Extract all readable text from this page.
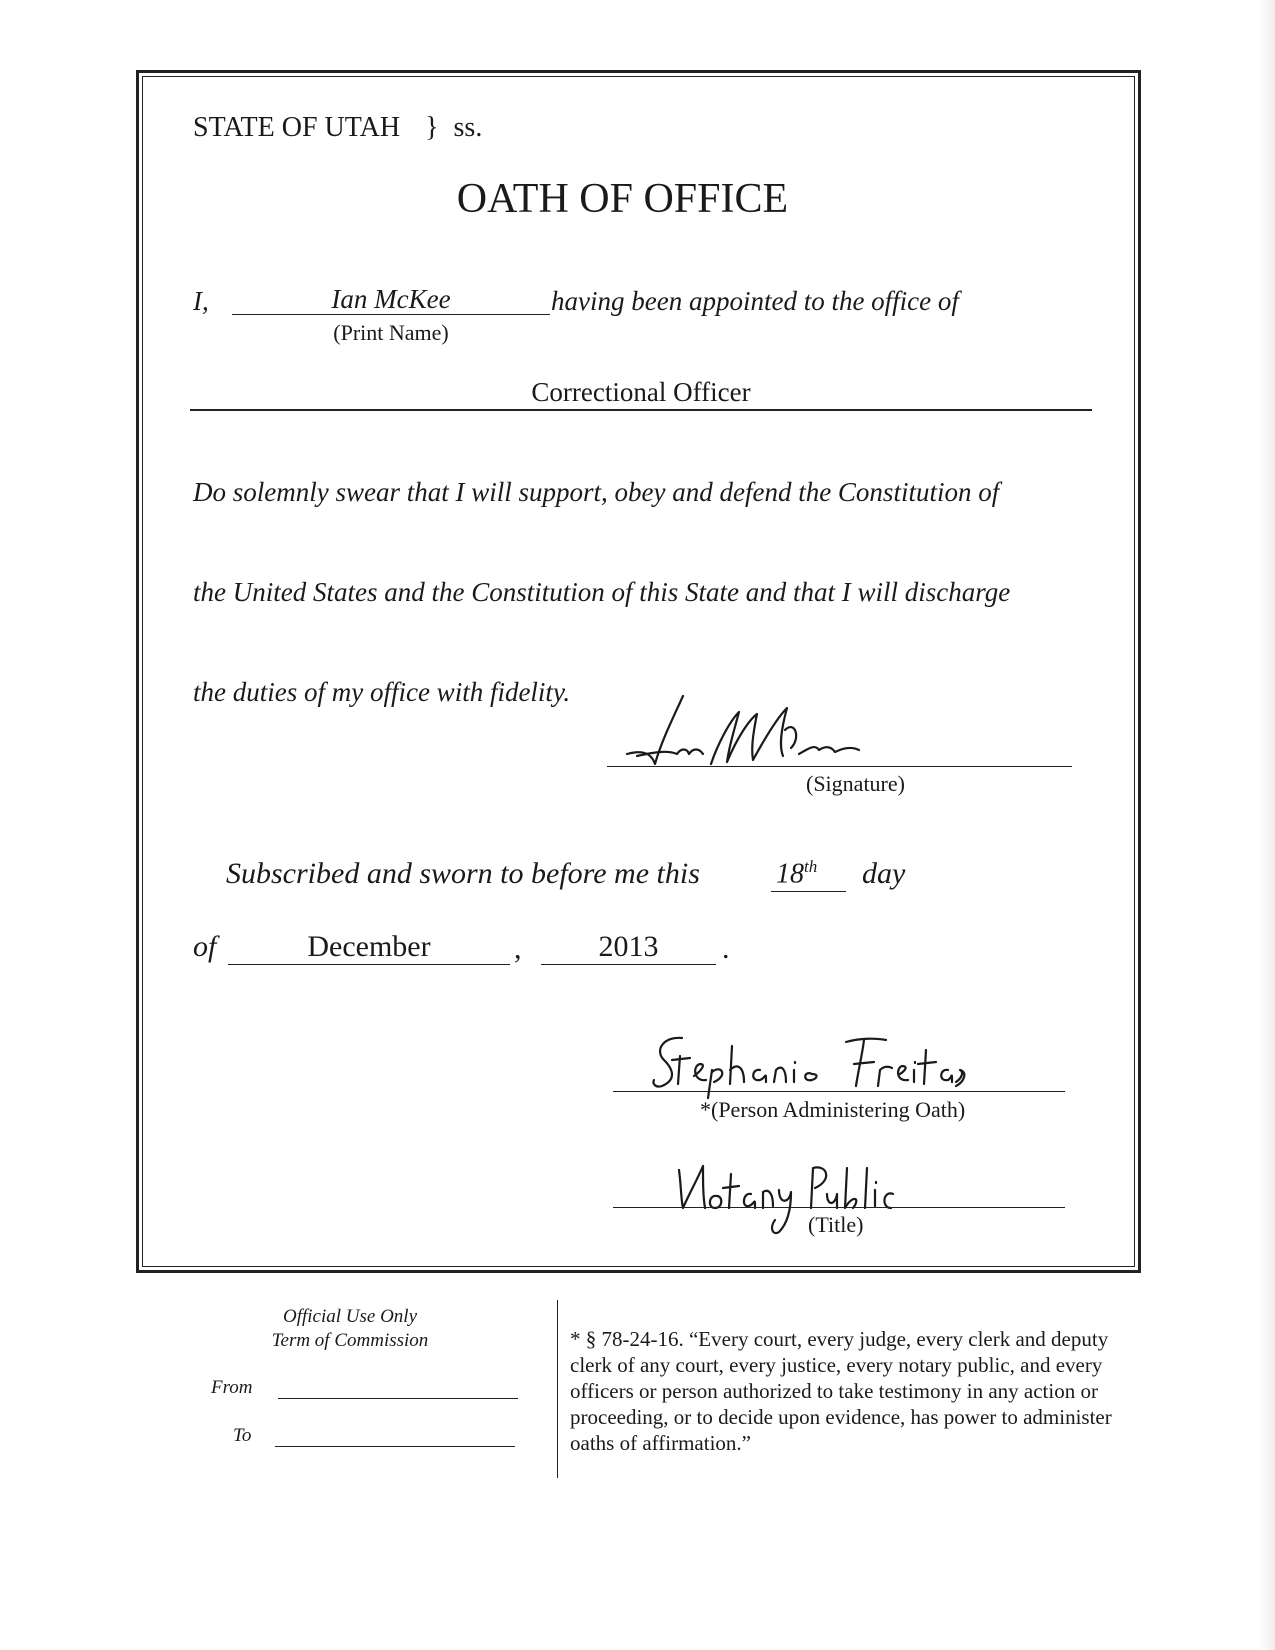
STATE OF UTAH } ss.
OATH OF OFFICE
I,	Ian McKee
(Print Name)
having been appointed to the office of
Correctional Officer
Do solemnly swear that I will support, obey and defend the Constitution of
the United States and the Constitution of this State and that I will discharge
the duties of my office with fidelity.
(Signature)
Subscribed and sworn to before me this	18th day
of	December	,	2013	.
*(Person Administering Oath)
(Title)
Official Use Only
Term of Commission
From
To
* § 78-24-16. “Every court, every judge, every clerk and deputy clerk of any court, every justice, every notary public, and every officers or person authorized to take testimony in any action or proceeding, or to decide upon evidence, has power to administer oaths of affirmation.”
